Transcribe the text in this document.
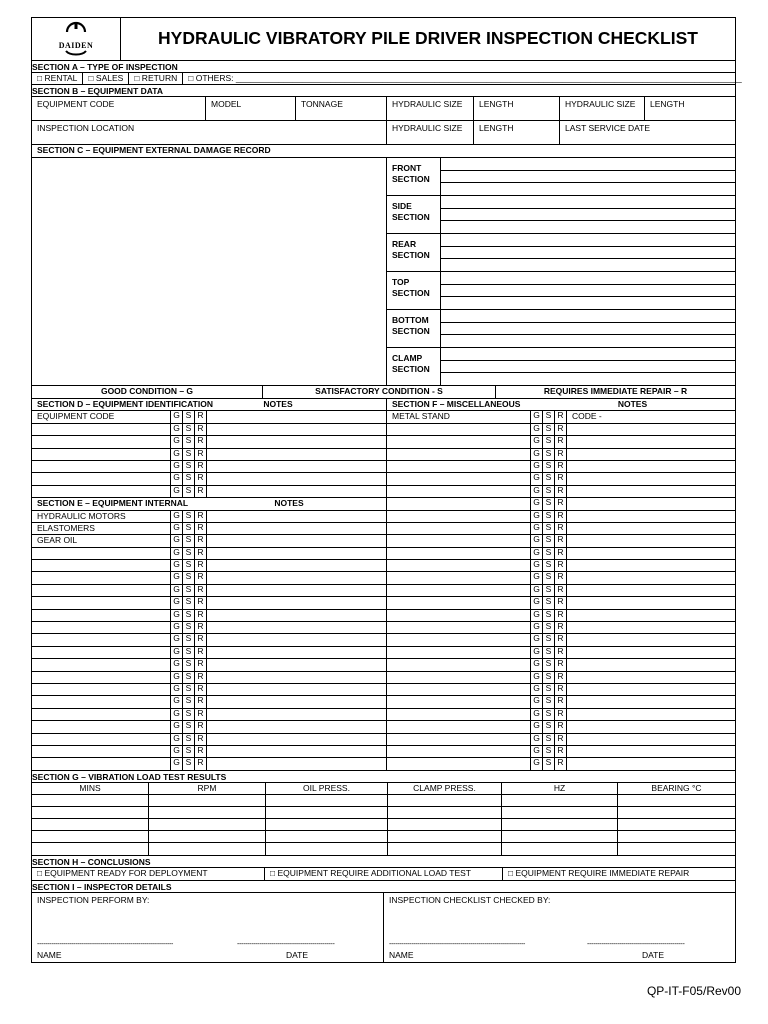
DAIDEN	HYDRAULIC VIBRATORY PILE DRIVER INSPECTION CHECKLIST
SECTION A – TYPE OF INSPECTION
□ RENTAL	□ SALES	□ RETURN	□ OTHERS: ___________________________________________________________________________________________________________
SECTION B – EQUIPMENT DATA
EQUIPMENT CODE	MODEL	TONNAGE	HYDRAULIC SIZE	LENGTH	HYDRAULIC SIZE	LENGTH
INSPECTION LOCATION	HYDRAULIC SIZE	LENGTH	LAST SERVICE DATE
SECTION C – EQUIPMENT EXTERNAL DAMAGE RECORD
FRONT
SECTION
SIDE
SECTION
REAR
SECTION
TOP
SECTION
BOTTOM
SECTION
CLAMP
SECTION
GOOD CONDITION – G	SATISFACTORY CONDITION - S	REQUIRES IMMEDIATE REPAIR – R
SECTION D – EQUIPMENT IDENTIFICATION	NOTES	SECTION F – MISCELLANEOUS	NOTES
EQUIPMENT CODE	G S R	METAL STAND	G S R CODE -
G S R	G S R
G S R	G S R
G S R	G S R
G S R	G S R
G S R	G S R
G S R	G S R
SECTION E – EQUIPMENT INTERNAL	NOTES	G S R
HYDRAULIC MOTORS	G S R	G S R
ELASTOMERS	G S R	G S R
GEAR OIL	G S R	G S R
G S R	G S R
G S R	G S R
G S R	G S R
G S R	G S R
G S R	G S R
G S R	G S R
G S R	G S R
G S R	G S R
G S R	G S R
G S R	G S R
G S R	G S R
G S R	G S R
G S R	G S R
G S R	G S R
G S R	G S R
G S R	G S R
G S R	G S R
G S R	G S R
SECTION G – VIBRATION LOAD TEST RESULTS
MINS	RPM	OIL PRESS.	CLAMP PRESS.	HZ	BEARING °C
SECTION H – CONCLUSIONS
□ EQUIPMENT READY FOR DEPLOYMENT	□ EQUIPMENT REQUIRE ADDITIONAL LOAD TEST	□ EQUIPMENT REQUIRE IMMEDIATE REPAIR
SECTION I – INSPECTOR DETAILS
INSPECTION PERFORM BY:
-------------------------------------------------------------------	------------------------------------------------
NAME	DATE
INSPECTION CHECKLIST CHECKED BY:
-------------------------------------------------------------------	------------------------------------------------
NAME	DATE
QP-IT-F05/Rev00
